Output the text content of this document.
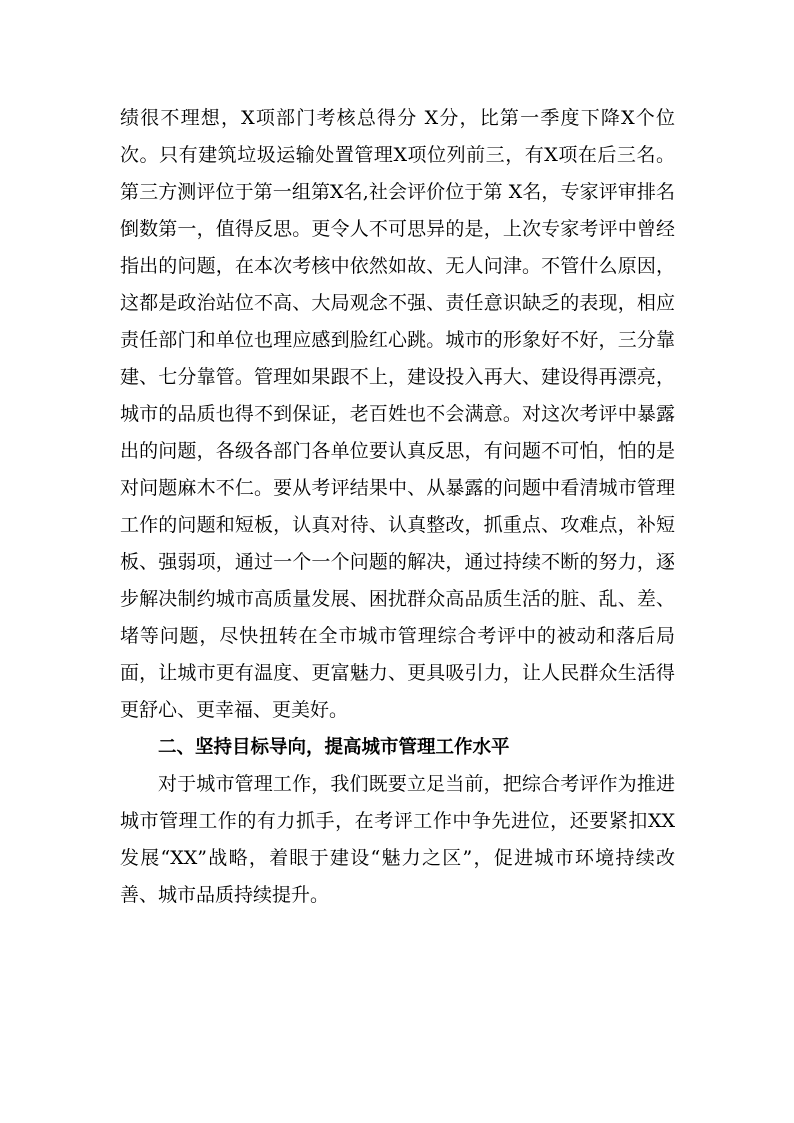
绩很不理想，X项部门考核总得分 X分，比第一季度下降X个位次。只有建筑垃圾运输处置管理X项位列前三，有X项在后三名。第三方测评位于第一组第X名,社会评价位于第 X名，专家评审排名倒数第一，值得反思。更令人不可思异的是，上次专家考评中曾经指出的问题，在本次考核中依然如故、无人问津。不管什么原因，这都是政治站位不高、大局观念不强、责任意识缺乏的表现，相应责任部门和单位也理应感到脸红心跳。城市的形象好不好，三分靠建、七分靠管。管理如果跟不上，建设投入再大、建设得再漂亮，城市的品质也得不到保证，老百姓也不会满意。对这次考评中暴露出的问题，各级各部门各单位要认真反思，有问题不可怕，怕的是对问题麻木不仁。要从考评结果中、从暴露的问题中看清城市管理工作的问题和短板，认真对待、认真整改，抓重点、攻难点，补短板、强弱项，通过一个一个问题的解决，通过持续不断的努力，逐步解决制约城市高质量发展、困扰群众高品质生活的脏、乱、差、堵等问题，尽快扭转在全市城市管理综合考评中的被动和落后局面，让城市更有温度、更富魅力、更具吸引力，让人民群众生活得更舒心、更幸福、更美好。

二、坚持目标导向，提高城市管理工作水平

对于城市管理工作，我们既要立足当前，把综合考评作为推进城市管理工作的有力抓手，在考评工作中争先进位，还要紧扣XX发展“XX”战略，着眼于建设“魅力之区”，促进城市环境持续改善、城市品质持续提升。
